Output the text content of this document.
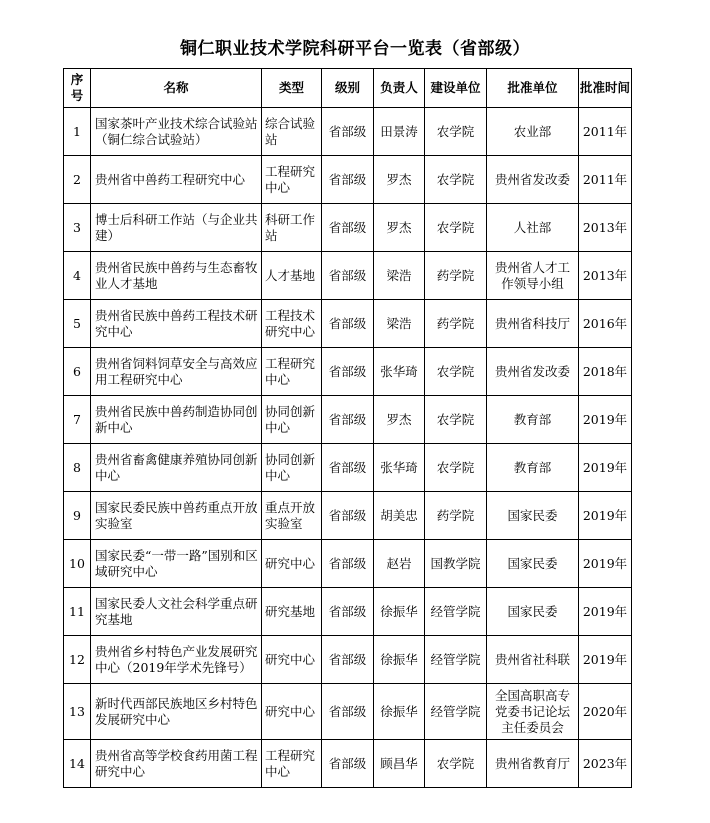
铜仁职业技术学院科研平台一览表（省部级）
序号	名称	类型	级别	负责人	建设单位	批准单位	批准时间
1	国家茶叶产业技术综合试验站（铜仁综合试验站）	综合试验站	省部级	田景涛	农学院	农业部	2011年
2	贵州省中兽药工程研究中心	工程研究中心	省部级	罗杰	农学院	贵州省发改委	2011年
3	博士后科研工作站（与企业共建）	科研工作站	省部级	罗杰	农学院	人社部	2013年
4	贵州省民族中兽药与生态畜牧业人才基地	人才基地	省部级	梁浩	药学院	贵州省人才工作领导小组	2013年
5	贵州省民族中兽药工程技术研究中心	工程技术研究中心	省部级	梁浩	药学院	贵州省科技厅	2016年
6	贵州省饲料饲草安全与高效应用工程研究中心	工程研究中心	省部级	张华琦	农学院	贵州省发改委	2018年
7	贵州省民族中兽药制造协同创新中心	协同创新中心	省部级	罗杰	农学院	教育部	2019年
8	贵州省畜禽健康养殖协同创新中心	协同创新中心	省部级	张华琦	农学院	教育部	2019年
9	国家民委民族中兽药重点开放实验室	重点开放实验室	省部级	胡美忠	药学院	国家民委	2019年
10	国家民委“一带一路”国别和区域研究中心	研究中心	省部级	赵岩	国教学院	国家民委	2019年
11	国家民委人文社会科学重点研究基地	研究基地	省部级	徐振华	经管学院	国家民委	2019年
12	贵州省乡村特色产业发展研究中心（2019年学术先锋号）	研究中心	省部级	徐振华	经管学院	贵州省社科联	2019年
13	新时代西部民族地区乡村特色发展研究中心	研究中心	省部级	徐振华	经管学院	全国高职高专党委书记论坛主任委员会	2020年
14	贵州省高等学校食药用菌工程研究中心	工程研究中心	省部级	顾昌华	农学院	贵州省教育厅	2023年
